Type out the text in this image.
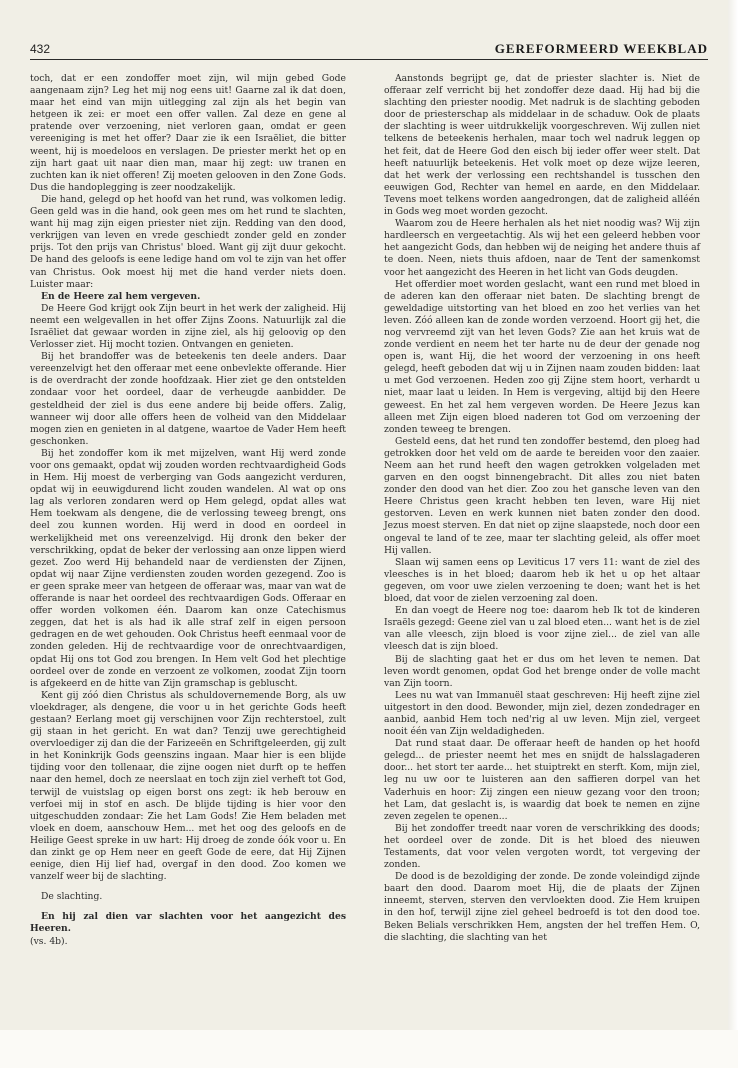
432	GEREFORMEERD WEEKBLAD

toch, dat er een zondoffer moet zijn, wil mijn gebed Gode aangenaam zijn? Leg het mij nog eens uit! Gaarne zal ik dat doen, maar het eind van mijn uitlegging zal zijn als het begin van hetgeen ik zei: er moet een offer vallen. Zal deze en gene al pratende over verzoening, niet verloren gaan, omdat er geen vereeniging is met het offer? Daar zie ik een Israëliet, die bitter weent, hij is moedeloos en verslagen. De priester merkt het op en zijn hart gaat uit naar dien man, maar hij zegt: uw tranen en zuchten kan ik niet offeren! Zij moeten gelooven in den Zone Gods. Dus die handoplegging is zeer noodzakelijk.

Die hand, gelegd op het hoofd van het rund, was volkomen ledig. Geen geld was in die hand, ook geen mes om het rund te slachten, want hij mag zijn eigen priester niet zijn. Redding van den dood, verkrijgen van leven en vrede geschiedt zonder geld en zonder prijs. Tot den prijs van Christus' bloed. Want gij zijt duur gekocht. De hand des geloofs is eene ledige hand om vol te zijn van het offer van Christus. Ook moest hij met die hand verder niets doen. Luister maar:

En de Heere zal hem vergeven.

De Heere God krijgt ook Zijn beurt in het werk der zaligheid. Hij neemt een welgevallen in het offer Zijns Zoons. Natuurlijk zal die Israëliet dat gewaar worden in zijne ziel, als hij geloovig op den Verlosser ziet. Hij mocht tozien. Ontvangen en genieten.

Bij het brandoffer was de beteekenis ten deele anders. Daar vereenzelvigt het den offeraar met eene onbevlekte offerande. Hier is de overdracht der zonde hoofdzaak. Hier ziet ge den ontstelden zondaar voor het oordeel, daar de verheugde aanbidder. De gesteldheid der ziel is dus eene andere bij beide offers. Zalig, wanneer wij door alle offers heen de volheid van den Middelaar mogen zien en genieten in al datgene, waartoe de Vader Hem heeft geschonken.

Bij het zondoffer kom ik met mijzelven, want Hij werd zonde voor ons gemaakt, opdat wij zouden worden rechtvaardigheid Gods in Hem. Hij moest de verberging van Gods aangezicht verduren, opdat wij in eeuwigdurend licht zouden wandelen. Al wat op ons lag als verloren zondaren werd op Hem gelegd, opdat alles wat Hem toekwam als dengene, die de verlossing teweeg brengt, ons deel zou kunnen worden. Hij werd in dood en oordeel in werkelijkheid met ons vereenzelvigd. Hij dronk den beker der verschrikking, opdat de beker der verlossing aan onze lippen wierd gezet. Zoo werd Hij behandeld naar de verdiensten der Zijnen, opdat wij naar Zijne verdiensten zouden worden gezegend. Zoo is er geen sprake meer van hetgeen de offeraar was, maar van wat de offerande is naar het oordeel des rechtvaardigen Gods. Offeraar en offer worden volkomen één. Daarom kan onze Catechismus zeggen, dat het is als had ik alle straf zelf in eigen persoon gedragen en de wet gehouden. Ook Christus heeft eenmaal voor de zonden geleden. Hij de rechtvaardige voor de onrechtvaardigen, opdat Hij ons tot God zou brengen. In Hem velt God het plechtige oordeel over de zonde en verzoent ze volkomen, zoodat Zijn toorn is afgekeerd en de hitte van Zijn gramschap is gebluscht.

Kent gij zóó dien Christus als schuldovernemende Borg, als uw vloekdrager, als dengene, die voor u in het gerichte Gods heeft gestaan? Eerlang moet gij verschijnen voor Zijn rechterstoel, zult gij staan in het gericht. En wat dan? Tenzij uwe gerechtigheid overvloediger zij dan die der Farizeeën en Schriftgeleerden, gij zult in het Koninkrijk Gods geenszins ingaan. Maar hier is een blijde tijding voor den tollenaar, die zijne oogen niet durft op te heffen naar den hemel, doch ze neerslaat en toch zijn ziel verheft tot God, terwijl de vuistslag op eigen borst ons zegt: ik heb berouw en verfoei mij in stof en asch. De blijde tijding is hier voor den uitgeschudden zondaar: Zie het Lam Gods! Zie Hem beladen met vloek en doem, aanschouw Hem... met het oog des geloofs en de Heilige Geest spreke in uw hart: Hij droeg de zonde óók voor u. En dan zinkt ge op Hem neer en geeft Gode de eere, dat Hij Zijnen eenige, dien Hij lief had, overgaf in den dood. Zoo komen we vanzelf weer bij de slachting.

De slachting.

En hij zal dien var slachten voor het aangezicht des Heeren.

(vs. 4b).

Aanstonds begrijpt ge, dat de priester slachter is. Niet de offeraar zelf verricht bij het zondoffer deze daad. Hij had bij die slachting den priester noodig. Met nadruk is de slachting geboden door de priesterschap als middelaar in de schaduw. Ook de plaats der slachting is weer uitdrukkelijk voorgeschreven. Wij zullen niet telkens de beteekenis herhalen, maar toch wel nadruk leggen op het feit, dat de Heere God den eisch bij ieder offer weer stelt. Dat heeft natuurlijk beteekenis. Het volk moet op deze wijze leeren, dat het werk der verlossing een rechtshandel is tusschen den eeuwigen God, Rechter van hemel en aarde, en den Middelaar. Tevens moet telkens worden aangedrongen, dat de zaligheid alléén in Gods weg moet worden gezocht.

Waarom zou de Heere herhalen als het niet noodig was? Wij zijn hardleersch en vergeetachtig. Als wij het een geleerd hebben voor het aangezicht Gods, dan hebben wij de neiging het andere thuis af te doen. Neen, niets thuis afdoen, naar de Tent der samenkomst voor het aangezicht des Heeren in het licht van Gods deugden.

Het offerdier moet worden geslacht, want een rund met bloed in de aderen kan den offeraar niet baten. De slachting brengt de geweldadige uitstorting van het bloed en zoo het verlies van het leven. Zóó alleen kan de zonde worden verzoend. Hoort gij het, die nog vervreemd zijt van het leven Gods? Zie aan het kruis wat de zonde verdient en neem het ter harte nu de deur der genade nog open is, want Hij, die het woord der verzoening in ons heeft gelegd, heeft geboden dat wij u in Zijnen naam zouden bidden: laat u met God verzoenen. Heden zoo gij Zijne stem hoort, verhardt u niet, maar laat u leiden. In Hem is vergeving, altijd bij den Heere geweest. En het zal hem vergeven worden. De Heere Jezus kan alleen met Zijn eigen bloed naderen tot God om verzoening der zonden teweeg te brengen.

Gesteld eens, dat het rund ten zondoffer bestemd, den ploeg had getrokken door het veld om de aarde te bereiden voor den zaaier. Neem aan het rund heeft den wagen getrokken volgeladen met garven en den oogst binnengebracht. Dit alles zou niet baten zonder den dood van het dier. Zoo zou het gansche leven van den Heere Christus geen kracht hebben ten leven, ware Hij niet gestorven. Leven en werk kunnen niet baten zonder den dood. Jezus moest sterven. En dat niet op zijne slaapstede, noch door een ongeval te land of te zee, maar ter slachting geleid, als offer moet Hij vallen.

Slaan wij samen eens op Leviticus 17 vers 11: want de ziel des vleesches is in het bloed; daarom heb ik het u op het altaar gegeven, om voor uwe zielen verzoening te doen; want het is het bloed, dat voor de zielen verzoening zal doen.

En dan voegt de Heere nog toe: daarom heb Ik tot de kinderen Israëls gezegd: Geene ziel van u zal bloed eten... want het is de ziel van alle vleesch, zijn bloed is voor zijne ziel... de ziel van alle vleesch dat is zijn bloed.

Bij de slachting gaat het er dus om het leven te nemen. Dat leven wordt genomen, opdat God het brenge onder de volle macht van Zijn toorn.

Lees nu wat van Immanuël staat geschreven: Hij heeft zijne ziel uitgestort in den dood. Bewonder, mijn ziel, dezen zondedrager en aanbid, aanbid Hem toch ned'rig al uw leven. Mijn ziel, vergeet nooit één van Zijn weldadigheden.

Dat rund staat daar. De offeraar heeft de handen op het hoofd gelegd... de priester neemt het mes en snijdt de halsslagaderen door... het stort ter aarde... het stuiptrekt en sterft. Kom, mijn ziel, leg nu uw oor te luisteren aan den saffieren dorpel van het Vaderhuis en hoor: Zij zingen een nieuw gezang voor den troon; het Lam, dat geslacht is, is waardig dat boek te nemen en zijne zeven zegelen te openen...

Bij het zondoffer treedt naar voren de verschrikking des doods; het oordeel over de zonde. Dit is het bloed des nieuwen Testaments, dat voor velen vergoten wordt, tot vergeving der zonden.

De dood is de bezoldiging der zonde. De zonde voleindigd zijnde baart den dood. Daarom moet Hij, die de plaats der Zijnen inneemt, sterven, sterven den vervloekten dood. Zie Hem kruipen in den hof, terwijl zijne ziel geheel bedroefd is tot den dood toe. Beken Belials verschrikken Hem, angsten der hel treffen Hem. O, die slachting, die slachting van het
